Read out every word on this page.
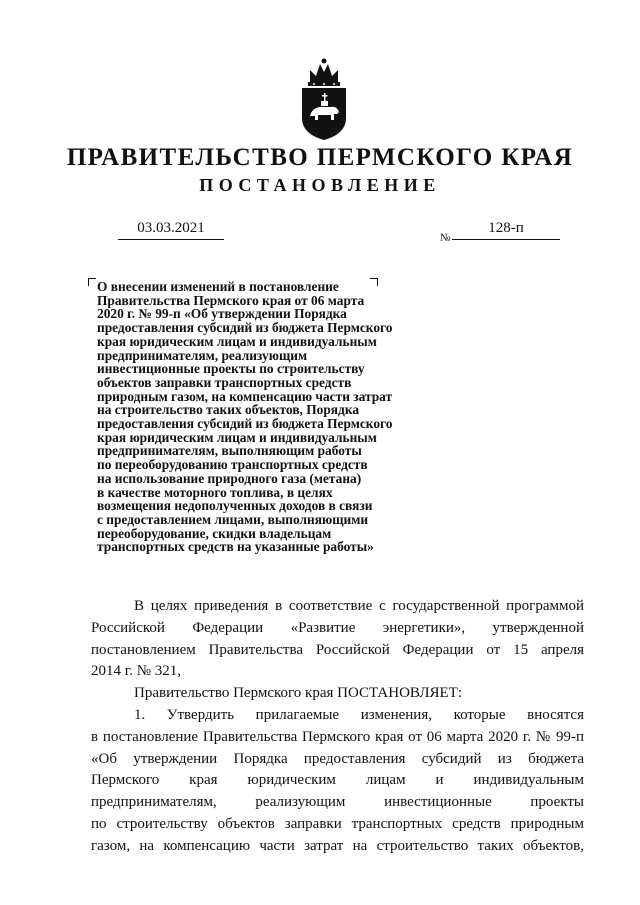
ПРАВИТЕЛЬСТВО ПЕРМСКОГО КРАЯ
ПОСТАНОВЛЕНИЕ
03.03.2021
№
128-п
О внесении изменений в постановление
Правительства Пермского края от 06 марта
2020 г. № 99-п «Об утверждении Порядка
предоставления субсидий из бюджета Пермского
края юридическим лицам и индивидуальным
предпринимателям, реализующим
инвестиционные проекты по строительству
объектов заправки транспортных средств
природным газом, на компенсацию части затрат
на строительство таких объектов, Порядка
предоставления субсидий из бюджета Пермского
края юридическим лицам и индивидуальным
предпринимателям, выполняющим работы
по переоборудованию транспортных средств
на использование природного газа (метана)
в качестве моторного топлива, в целях
возмещения недополученных доходов в связи
с предоставлением лицами, выполняющими
переоборудование, скидки владельцам
транспортных средств на указанные работы»

В целях приведения в соответствие с государственной программой

Российской Федерации «Развитие энергетики», утвержденной

постановлением Правительства Российской Федерации от 15 апреля

2014 г. № 321,

Правительство Пермского края ПОСТАНОВЛЯЕТ:

1. Утвердить прилагаемые изменения, которые вносятся

в постановление Правительства Пермского края от 06 марта 2020 г. № 99-п

«Об утверждении Порядка предоставления субсидий из бюджета

Пермского края юридическим лицам и индивидуальным

предпринимателям, реализующим инвестиционные проекты

по строительству объектов заправки транспортных средств природным

газом, на компенсацию части затрат на строительство таких объектов,
